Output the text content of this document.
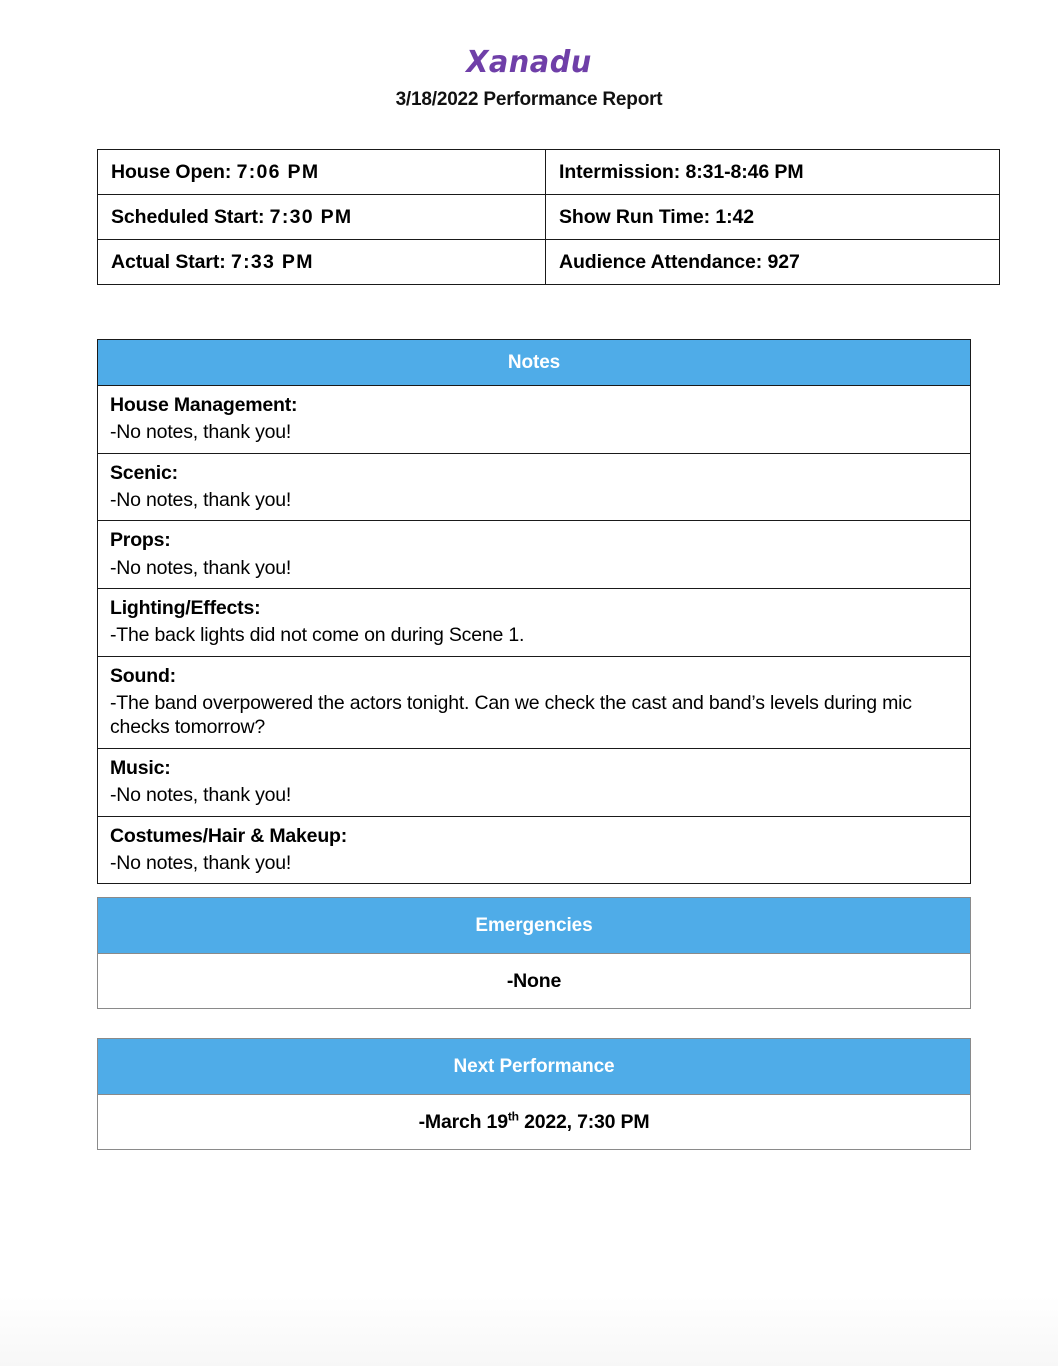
Xanadu
3/18/2022 Performance Report
House Open: 7:06 PM	Intermission: 8:31-8:46 PM
Scheduled Start: 7:30 PM	Show Run Time: 1:42
Actual Start: 7:33 PM	Audience Attendance: 927
Notes

House Management:
-No notes, thank you!

Scenic:
-No notes, thank you!

Props:
-No notes, thank you!

Lighting/Effects:
-The back lights did not come on during Scene 1.

Sound:
-The band overpowered the actors tonight. Can we check the cast and band’s levels during mic checks tomorrow?

Music:
-No notes, thank you!

Costumes/Hair & Makeup:
-No notes, thank you!
Emergencies
-None
Next Performance
-March 19th 2022, 7:30 PM
